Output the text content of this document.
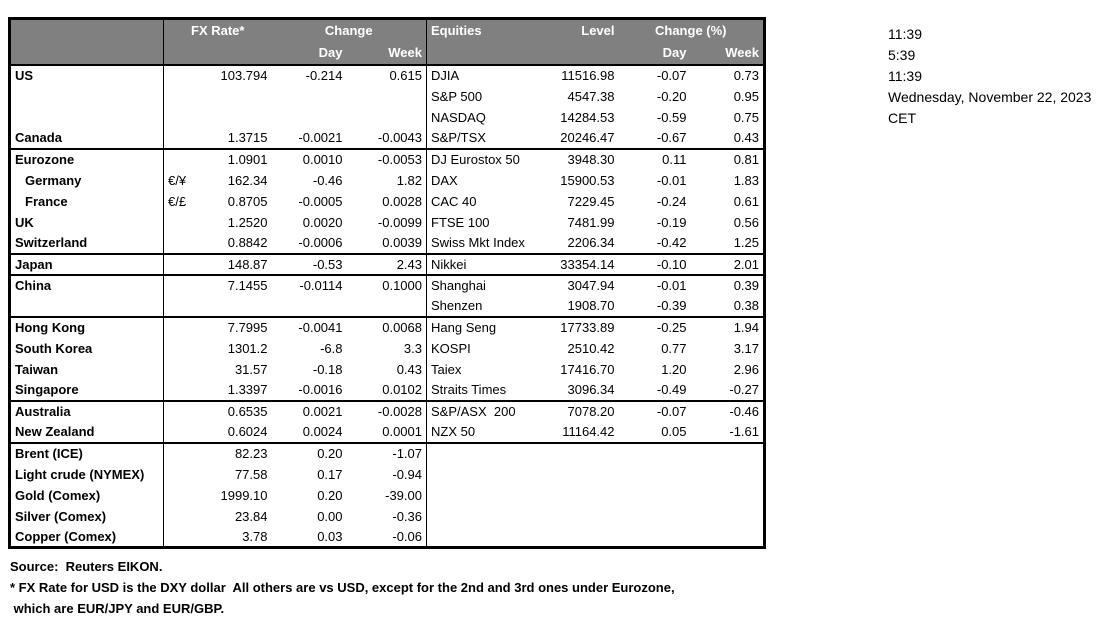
	FX Rate*		Change		Equities	Level	Change (%)	
			Day	Week			Day	Week
US		103.794	-0.214	0.615	DJIA	11516.98	-0.07	0.73
					S&P 500	4547.38	-0.20	0.95
					NASDAQ	14284.53	-0.59	0.75
Canada		1.3715	-0.0021	-0.0043	S&P/TSX	20246.47	-0.67	0.43
Eurozone		1.0901	0.0010	-0.0053	DJ Eurostox 50	3948.30	0.11	0.81
Germany	€/¥	162.34	-0.46	1.82	DAX	15900.53	-0.01	1.83
France	€/£	0.8705	-0.0005	0.0028	CAC 40	7229.45	-0.24	0.61
UK		1.2520	0.0020	-0.0099	FTSE 100	7481.99	-0.19	0.56
Switzerland		0.8842	-0.0006	0.0039	Swiss Mkt Index	2206.34	-0.42	1.25
Japan		148.87	-0.53	2.43	Nikkei	33354.14	-0.10	2.01
China		7.1455	-0.0114	0.1000	Shanghai	3047.94	-0.01	0.39
					Shenzen	1908.70	-0.39	0.38
Hong Kong		7.7995	-0.0041	0.0068	Hang Seng	17733.89	-0.25	1.94
South Korea		1301.2	-6.8	3.3	KOSPI	2510.42	0.77	3.17
Taiwan		31.57	-0.18	0.43	Taiex	17416.70	1.20	2.96
Singapore		1.3397	-0.0016	0.0102	Straits Times	3096.34	-0.49	-0.27
Australia		0.6535	0.0021	-0.0028	S&P/ASX  200	7078.20	-0.07	-0.46
New Zealand		0.6024	0.0024	0.0001	NZX 50	11164.42	0.05	-1.61
Brent (ICE)		82.23	0.20	-1.07				
Light crude (NYMEX)		77.58	0.17	-0.94				
Gold (Comex)		1999.10	0.20	-39.00				
Silver (Comex)		23.84	0.00	-0.36				
Copper (Comex)		3.78	0.03	-0.06				
11:39
5:39
11:39
Wednesday, November 22, 2023
CET
Source:  Reuters EIKON.
* FX Rate for USD is the DXY dollar  All others are vs USD, except for the 2nd and 3rd ones under Eurozone,
which are EUR/JPY and EUR/GBP.
